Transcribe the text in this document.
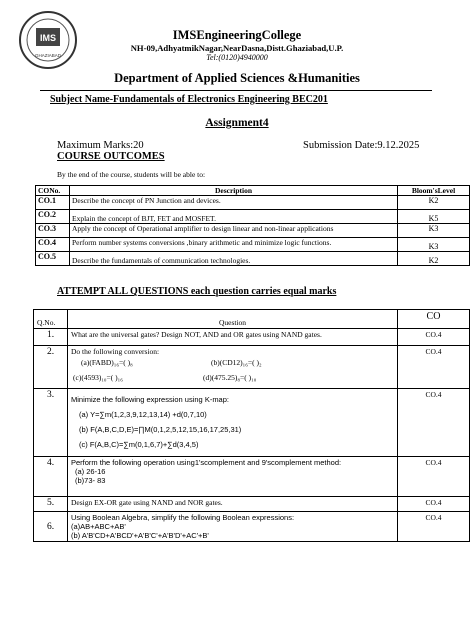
IMS
GHAZIABAD
IMSEngineeringCollege
NH-09,AdhyatmikNagar,NearDasna,Distt.Ghaziabad,U.P.
Tel:(0120)4940000
Department of Applied Sciences &Humanities
Subject Name-Fundamentals of Electronics Engineering BEC201
Assignment4
Maximum Marks:20	Submission Date:9.12.2025
COURSE OUTCOMES
By the end of the course, students will be able to:
CONo.	Description	Bloom'sLevel
CO.1	Describe the concept of PN Junction and devices.	K2
CO.2	Explain the concept of BJT, FET and MOSFET.	K5
CO.3	Apply the concept of Operational amplifier to design linear and non-linear applications	K3
CO.4	Perform number systems conversions ,binary arithmetic and minimize logic functions.	K3
CO.5	Describe the fundamentals of communication technologies.	K2
ATTEMPT ALL QUESTIONS each question carries equal marks
Q.No.	Question	CO
1.	What are the universal gates? Design NOT, AND and OR gates using NAND gates.	CO.4
2.	Do the following conversion:
(a)(FABD)₁₆=( )₈ (b)(CD12)₁₆=( )₂
(c)(4593)₁₀=( )₁₆ (d)(475.25)₈=( )₁₀	CO.4
3.	Minimize the following expression using K-map:
(a) Y=∑m(1,2,3,9,12,13,14) +d(0,7,10)
(b) F(A,B,C,D,E)=∏M(0,1,2,5,12,15,16,17,25,31)
(c) F(A,B,C)=∑m(0,1,6,7)+∑d(3,4,5)	CO.4
4.	Perform the following operation using1'scomplement and 9'scomplement method:
(a) 26-16
(b)73- 83	CO.4
5.	Design EX-OR gate using NAND and NOR gates.	CO.4
6.	Using Boolean Algebra, simplify the following Boolean expressions:
(a)AB+ABC+AB'
(b) A'B'CD+A'BCD'+A'B'C'+A'B'D'+AC'+B'	CO.4
